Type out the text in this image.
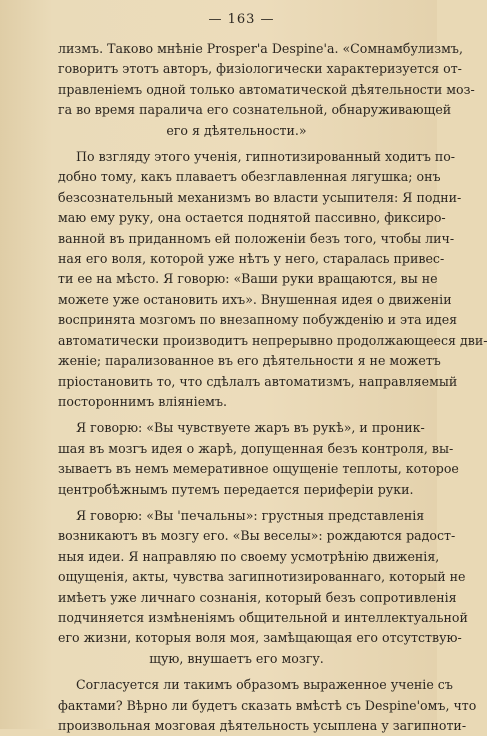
— 163 —
лизмъ. Таково мнѣніе Prosper'a Despine'a. «Сомнамбулизмъ,
говоритъ этотъ авторъ, физіологически характеризуется от-
правленіемъ одной только автоматической дѣятельности моз-
га во время паралича его сознательной, обнаруживающей
его я дѣятельности.»
По взгляду этого ученія, гипнотизированный ходитъ по-
добно тому, какъ плаваетъ обезглавленная лягушка; онъ
безсознательный механизмъ во власти усыпителя: Я подни-
маю ему руку, она остается поднятой пассивно, фиксиро-
ванной въ приданномъ ей положеніи безъ того, чтобы лич-
ная его воля, которой уже нѣтъ у него, старалась привес-
ти ее на мѣсто. Я говорю: «Ваши руки вращаются, вы не
можете уже остановить ихъ». Внушенная идея о движеніи
воспринята мозгомъ по внезапному побужденію и эта идея
автоматически производитъ непрерывно продолжающееся дви-
женіе; парализованное въ его дѣятельности я не можетъ
пріостановить то, что сдѣлалъ автоматизмъ, направляемый
постороннимъ вліяніемъ.
Я говорю: «Вы чувствуете жаръ въ рукѣ», и проник-
шая въ мозгъ идея о жарѣ, допущенная безъ контроля, вы-
зываетъ въ немъ мемеративное ощущеніе теплоты, которое
центробѣжнымъ путемъ передается периферіи руки.
Я говорю: «Вы 'печальны»: грустныя представленія
возникаютъ въ мозгу его. «Вы веселы»: рождаются радост-
ныя идеи. Я направляю по своему усмотрѣнію движенія,
ощущенія, акты, чувства загипнотизированнаго, который не
имѣетъ уже личнаго сознанія, который безъ сопротивленія
подчиняется измѣненіямъ общительной и интеллектуальной
его жизни, которыя воля моя, замѣщающая его отсутствую-
щую, внушаетъ его мозгу.
Согласуется ли такимъ образомъ выраженное ученіе съ
фактами? Вѣрно ли будетъ сказать вмѣстѣ съ Despine'омъ, что
произвольная мозговая дѣятельность усыплена у загипноти-
